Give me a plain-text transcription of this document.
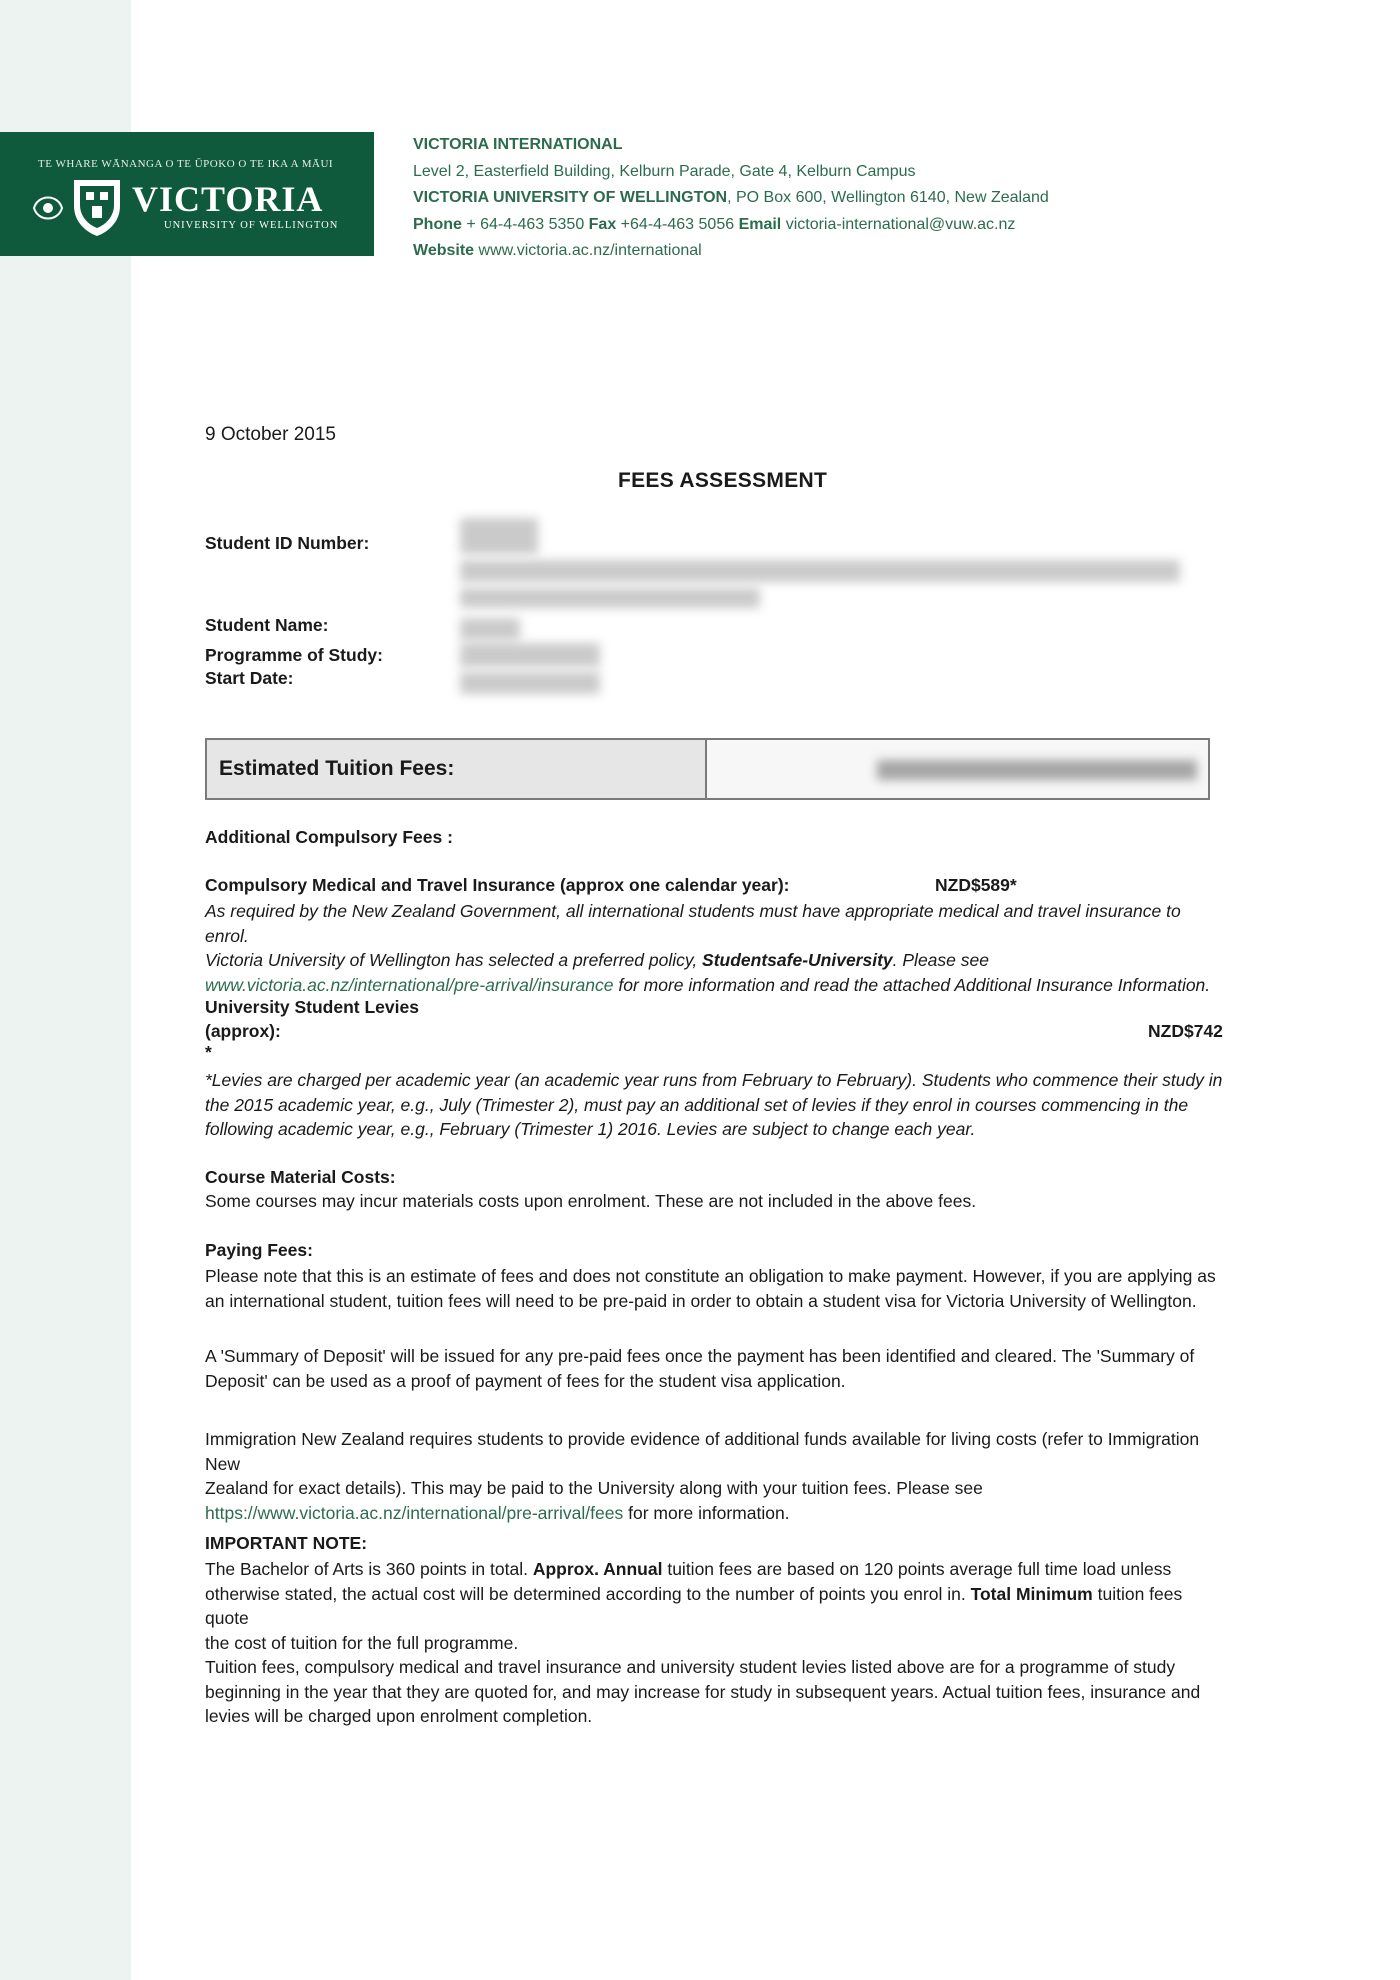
TE WHARE WĀNANGA O TE ŪPOKO O TE IKA A MĀUI
VICTORIA
UNIVERSITY OF WELLINGTON
VICTORIA INTERNATIONAL
Level 2, Easterfield Building, Kelburn Parade, Gate 4, Kelburn Campus
VICTORIA UNIVERSITY OF WELLINGTON, PO Box 600, Wellington 6140, New Zealand
Phone + 64-4-463 5350 Fax +64-4-463 5056 Email victoria-international@vuw.ac.nz
Website www.victoria.ac.nz/international
9 October 2015
FEES ASSESSMENT
Student ID Number:
Student Name:
Programme of Study:
Start Date:
Estimated Tuition Fees:
Additional Compulsory Fees :
Compulsory Medical and Travel Insurance (approx one calendar year):	NZD$589*

As required by the New Zealand Government, all international students must have appropriate medical and travel insurance to enrol.

Victoria University of Wellington has selected a preferred policy, Studentsafe-University. Please see

www.victoria.ac.nz/international/pre-arrival/insurance for more information and read the attached Additional Insurance Information.

University Student Levies
(approx):	NZD$742
*

*Levies are charged per academic year (an academic year runs from February to February). Students who commence their study in

the 2015 academic year, e.g., July (Trimester 2), must pay an additional set of levies if they enrol in courses commencing in the

following academic year, e.g., February (Trimester 1) 2016. Levies are subject to change each year.

Course Material Costs:

Some courses may incur materials costs upon enrolment. These are not included in the above fees.

Paying Fees:

Please note that this is an estimate of fees and does not constitute an obligation to make payment. However, if you are applying as

an international student, tuition fees will need to be pre-paid in order to obtain a student visa for Victoria University of Wellington.

A 'Summary of Deposit' will be issued for any pre-paid fees once the payment has been identified and cleared. The 'Summary of

Deposit' can be used as a proof of payment of fees for the student visa application.

Immigration New Zealand requires students to provide evidence of additional funds available for living costs (refer to Immigration New

Zealand for exact details). This may be paid to the University along with your tuition fees. Please see

https://www.victoria.ac.nz/international/pre-arrival/fees for more information.

IMPORTANT NOTE:

The Bachelor of Arts is 360 points in total. Approx. Annual tuition fees are based on 120 points average full time load unless

otherwise stated, the actual cost will be determined according to the number of points you enrol in. Total Minimum tuition fees quote

the cost of tuition for the full programme.

Tuition fees, compulsory medical and travel insurance and university student levies listed above are for a programme of study

beginning in the year that they are quoted for, and may increase for study in subsequent years. Actual tuition fees, insurance and

levies will be charged upon enrolment completion.
